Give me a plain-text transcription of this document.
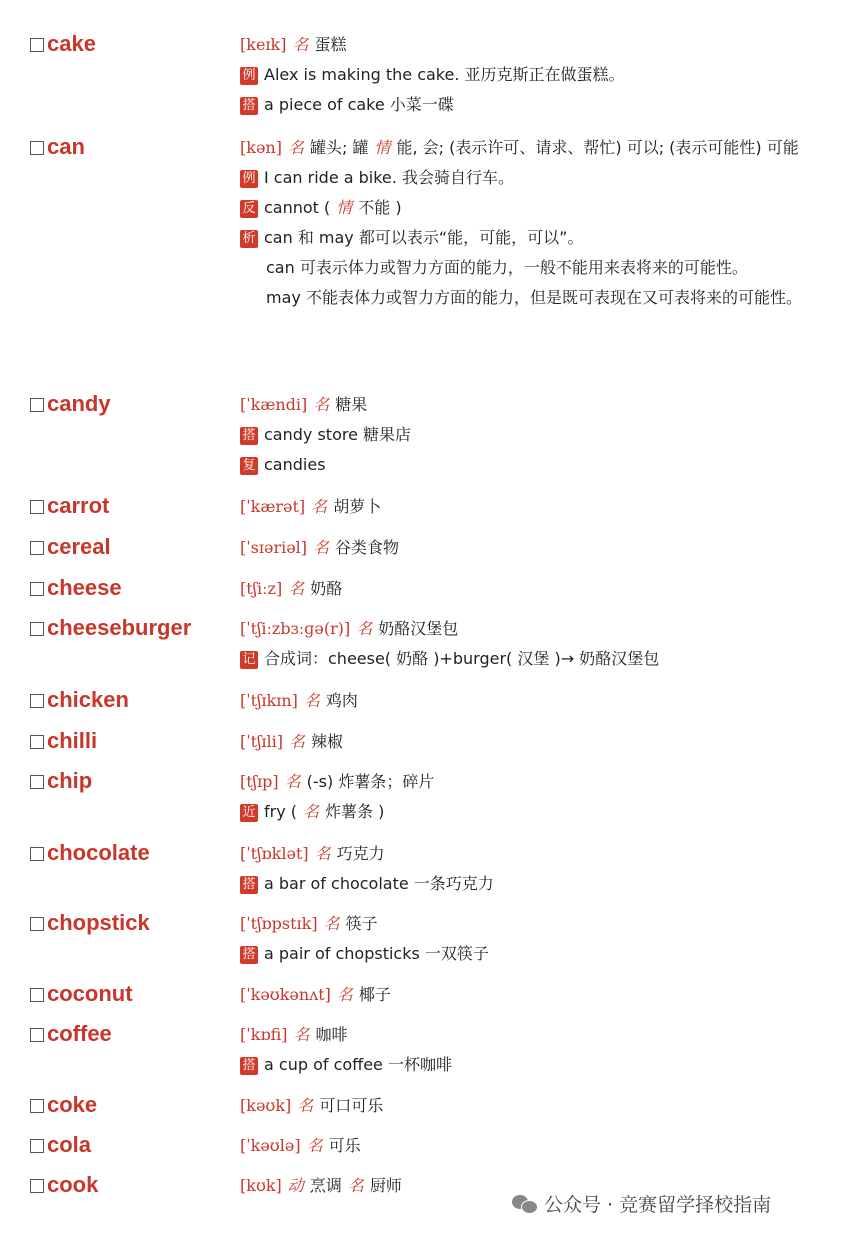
公众号 · 竞赛留学择校指南
cake	[keɪk] 名 蛋糕
例 Alex is making the cake. 亚历克斯正在做蛋糕。
搭 a piece of cake 小菜一碟
can	[kən] 名 罐头; 罐 情 能, 会; (表示许可、请求、帮忙) 可以; (表示可能性) 可能
例 I can ride a bike. 我会骑自行车。
反 cannot ( 情 不能 )
析 can 和 may 都可以表示“能，可能，可以”。
can 可表示体力或智力方面的能力，一般不能用来表将来的可能性。
may 不能表体力或智力方面的能力，但是既可表现在又可表将来的可能性。
candy	[ˈkændi] 名 糖果
搭 candy store 糖果店
复 candies
carrot	[ˈkærət] 名 胡萝卜
cereal	[ˈsɪəriəl] 名 谷类食物
cheese	[tʃiːz] 名 奶酪
cheeseburger	[ˈtʃiːzbɜːɡə(r)] 名 奶酪汉堡包
记 合成词：cheese( 奶酪 )+burger( 汉堡 )→ 奶酪汉堡包
chicken	[ˈtʃɪkɪn] 名 鸡肉
chilli	[ˈtʃɪli] 名 辣椒
chip	[tʃɪp] 名 (-s) 炸薯条；碎片
近 fry ( 名 炸薯条 )
chocolate	[ˈtʃɒklət] 名 巧克力
搭 a bar of chocolate 一条巧克力
chopstick	[ˈtʃɒpstɪk] 名 筷子
搭 a pair of chopsticks 一双筷子
coconut	[ˈkəʊkənʌt] 名 椰子
coffee	[ˈkɒfi] 名 咖啡
搭 a cup of coffee 一杯咖啡
coke	[kəʊk] 名 可口可乐
cola	[ˈkəʊlə] 名 可乐
cook	[kʊk] 动 烹调 名 厨师
